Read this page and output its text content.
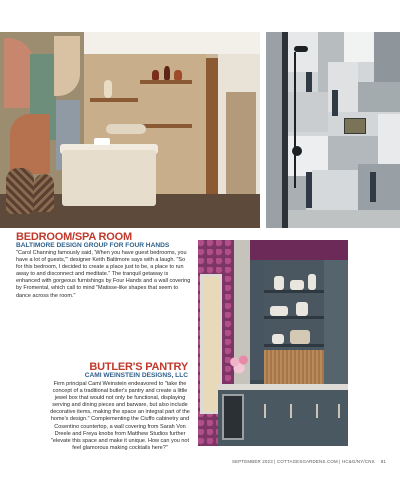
BEDROOM/SPA ROOM
BALTIMORE DESIGN GROUP FOR FOUR HANDS
"Carol Channing famously said, 'When you have guest bedrooms, you have a lot of guests,'" designer Keith Baltimore says with a laugh. "So for this bedroom, I decided to create a place just to be, a place to run away to and disconnect and meditate." The tranquil getaway is enhanced with gorgeous furnishings by Four Hands and a wall covering by Fromental, which call to mind "Matisse-like shapes that seem to dance across the room."
BUTLER'S PANTRY
CAMI WEINSTEIN DESIGNS, LLC
Firm principal Cami Weinstein endeavored to "take the concept of a traditional butler's pantry and create a little jewel box that would not only be functional, displaying serving and dining pieces and barware, but also include decorative items, making the space an integral part of the home's design." Complementing the Ciuffo cabinetry and Cosentino countertop, a wall covering from Sarah Von Dreele and Freya knobs from Matthew Studios further "elevate this space and make it unique. How can you not feel glamorous making cocktails here?"
SEPTEMBER 2023 | COTTAGESGARDENS.COM | HC&G/NY/CNS 81
